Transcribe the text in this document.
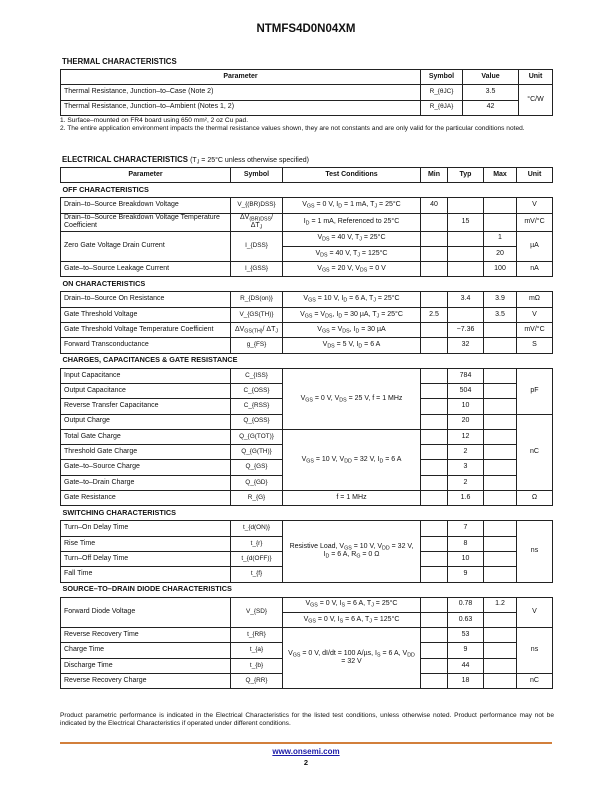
NTMFS4D0N04XM
THERMAL CHARACTERISTICS
Parameter	Symbol	Value	Unit
Thermal Resistance, Junction–to–Case (Note 2)	R_{θJC}	3.5	°C/W
Thermal Resistance, Junction–to–Ambient (Notes 1, 2)	R_{θJA}	42	
1. Surface–mounted on FR4 board using 650 mm², 2 oz Cu pad.
2. The entire application environment impacts the thermal resistance values shown, they are not constants and are only valid for the particular conditions noted.
ELECTRICAL CHARACTERISTICS ($T_J = 25^\circ C$ unless otherwise specified)
Parameter	Symbol	Test Conditions	Min	Typ	Max	Unit
OFF CHARACTERISTICS						
Drain–to–Source Breakdown Voltage	V_{(BR)DSS}	$V_{GS} = 0$ V, $I_D = 1$ mA, $T_J = 25^\circ C$	40			V
Drain–to–Source Breakdown Voltage Temperature Coefficient	$\Delta V_{(BR)DSS}/$ $\Delta T_J$	$I_D = 1$ mA, Referenced to 25°C		15		mV/°C
Zero Gate Voltage Drain Current	I_{DSS}	$V_{DS} = 40$ V, $T_J = 25^\circ C$			1	µA
		$V_{DS} = 40$ V, $T_J = 125^\circ C$			20	
Gate–to–Source Leakage Current	I_{GSS}	$V_{GS} = 20$ V, $V_{DS} = 0$ V			100	nA
ON CHARACTERISTICS						
Drain–to–Source On Resistance	R_{DS(on)}	$V_{GS} = 10$ V, $I_D = 6$ A, $T_J = 25^\circ C$		3.4	3.9	mΩ
Gate Threshold Voltage	V_{GS(TH)}	$V_{GS} = V_{DS}$, $I_D = 30$ µA, $T_J = 25^\circ C$	2.5		3.5	V
Gate Threshold Voltage Temperature Coefficient	$\Delta V_{GS(TH)}/$ $\Delta T_J$	$V_{GS} = V_{DS}$, $I_D = 30$ µA		−7.36		mV/°C
Forward Transconductance	g_{FS}	$V_{DS} = 5$ V, $I_D = 6$ A		32		S
CHARGES, CAPACITANCES & GATE RESISTANCE						
Input Capacitance	C_{ISS}	$V_{GS} = 0$ V, $V_{DS} = 25$ V, f = 1 MHz		784		pF
Output Capacitance	C_{OSS}			504		
Reverse Transfer Capacitance	C_{RSS}			10		
Output Charge	Q_{OSS}			20		nC
Total Gate Charge	Q_{G(TOT)}	$V_{GS} = 10$ V, $V_{DD} = 32$ V, $I_D = 6$ A		12		
Threshold Gate Charge	Q_{G(TH)}			2		
Gate–to–Source Charge	Q_{GS}			3		
Gate–to–Drain Charge	Q_{GD}			2		
Gate Resistance	R_{G}	f = 1 MHz		1.6		Ω
SWITCHING CHARACTERISTICS						
Turn–On Delay Time	t_{d(ON)}	Resistive Load, $V_{GS} = 10$ V, $V_{DD} = 32$ V, $I_D = 6$ A, $R_G = 0$ Ω		7		ns
Rise Time	t_{r}			8		
Turn–Off Delay Time	t_{d(OFF)}			10		
Fall Time	t_{f}			9		
SOURCE–TO–DRAIN DIODE CHARACTERISTICS						
Forward Diode Voltage	V_{SD}	$V_{GS} = 0$ V, $I_S = 6$ A, $T_J = 25^\circ C$		0.78	1.2	V
		$V_{GS} = 0$ V, $I_S = 6$ A, $T_J = 125^\circ C$		0.63		
Reverse Recovery Time	t_{RR}	$V_{GS} = 0$ V, dI/dt = 100 A/µs, $I_S = 6$ A, $V_{DD} = 32$ V		53		ns
Charge Time	t_{a}			9		
Discharge Time	t_{b}			44		
Reverse Recovery Charge	Q_{RR}			18		nC
Product parametric performance is indicated in the Electrical Characteristics for the listed test conditions, unless otherwise noted. Product performance may not be indicated by the Electrical Characteristics if operated under different conditions.
www.onsemi.com
2
